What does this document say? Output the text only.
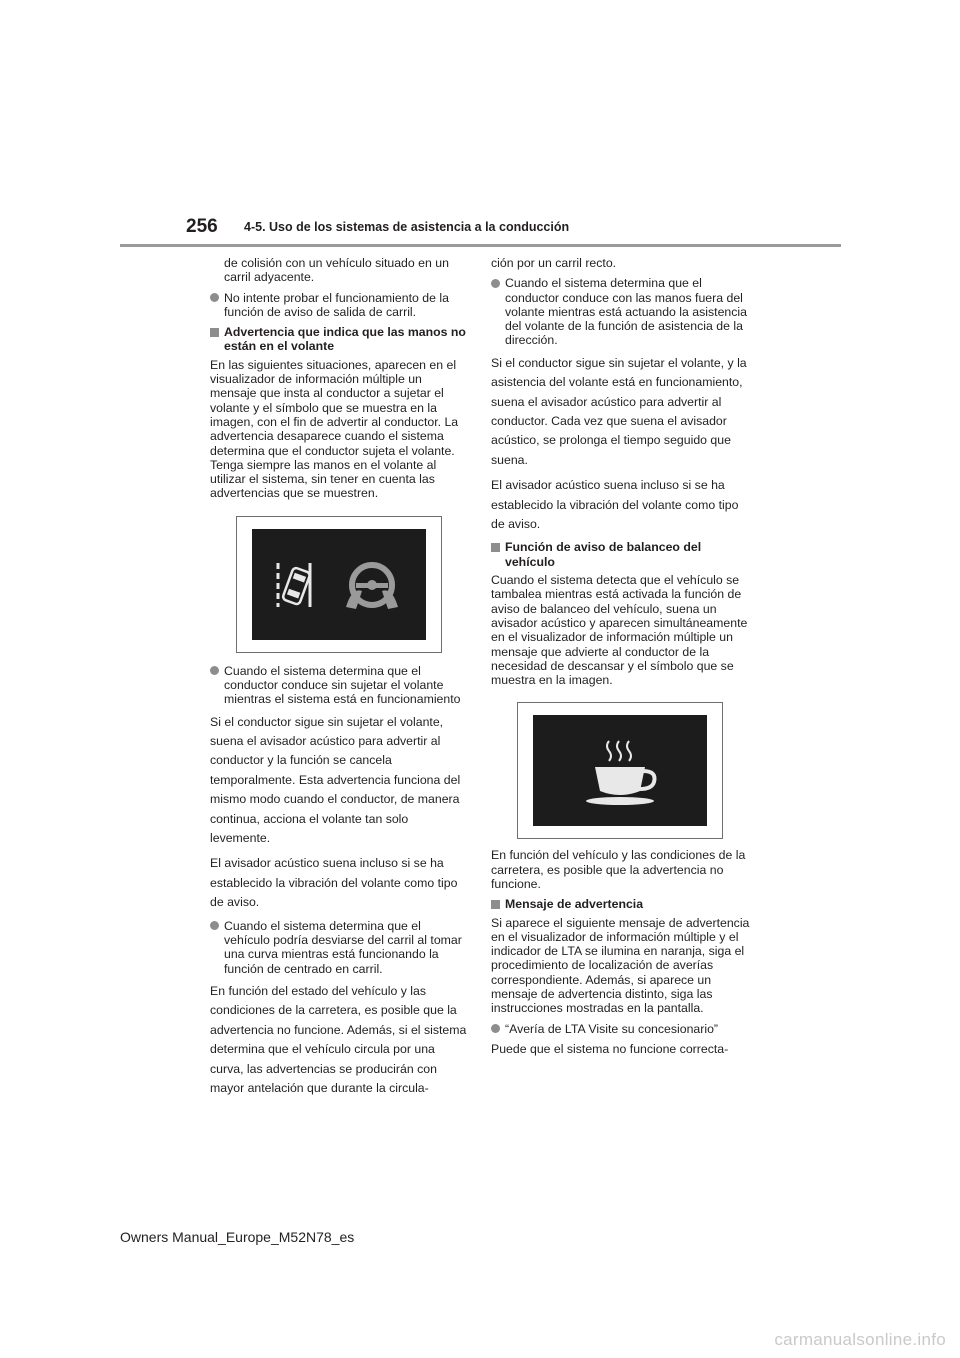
256 4-5. Uso de los sistemas de asistencia a la conducción

de colisión con un vehículo situado en un carril adyacente.

No intente probar el funcionamiento de la función de aviso de salida de carril.
Advertencia que indica que las manos no están en el volante

En las siguientes situaciones, aparecen en el visualizador de información múltiple un mensaje que insta al conductor a sujetar el volante y el símbolo que se muestra en la imagen, con el fin de advertir al conductor. La advertencia desaparece cuando el sistema determina que el conductor sujeta el volante. Tenga siempre las manos en el volante al utilizar el sistema, sin tener en cuenta las advertencias que se muestren.

Cuando el sistema determina que el conductor conduce sin sujetar el volante mientras el sistema está en funcionamiento

Si el conductor sigue sin sujetar el volante, suena el avisador acústico para advertir al conductor y la función se cancela temporalmente. Esta advertencia funciona del mismo modo cuando el conductor, de manera continua, acciona el volante tan solo levemente.

El avisador acústico suena incluso si se ha establecido la vibración del volante como tipo de aviso.

Cuando el sistema determina que el vehículo podría desviarse del carril al tomar una curva mientras está funcionando la función de centrado en carril.

En función del estado del vehículo y las condiciones de la carretera, es posible que la advertencia no funcione. Además, si el sistema determina que el vehículo circula por una curva, las advertencias se producirán con mayor antelación que durante la circula-

ción por un carril recto.

Cuando el sistema determina que el conductor conduce con las manos fuera del volante mientras está actuando la asistencia del volante de la función de asistencia de la dirección.

Si el conductor sigue sin sujetar el volante, y la asistencia del volante está en funcionamiento, suena el avisador acústico para advertir al conductor. Cada vez que suena el avisador acústico, se prolonga el tiempo seguido que suena.

El avisador acústico suena incluso si se ha establecido la vibración del volante como tipo de aviso.

Función de aviso de balanceo del vehículo

Cuando el sistema detecta que el vehículo se tambalea mientras está activada la función de aviso de balanceo del vehículo, suena un avisador acústico y aparecen simultáneamente en el visualizador de información múltiple un mensaje que advierte al conductor de la necesidad de descansar y el símbolo que se muestra en la imagen.

En función del vehículo y las condiciones de la carretera, es posible que la advertencia no funcione.

Mensaje de advertencia

Si aparece el siguiente mensaje de advertencia en el visualizador de información múltiple y el indicador de LTA se ilumina en naranja, siga el procedimiento de localización de averías correspondiente. Además, si aparece un mensaje de advertencia distinto, siga las instrucciones mostradas en la pantalla.

“Avería de LTA Visite su concesionario”

Puede que el sistema no funcione correcta-

Owners Manual_Europe_M52N78_es
carmanualsonline.info
